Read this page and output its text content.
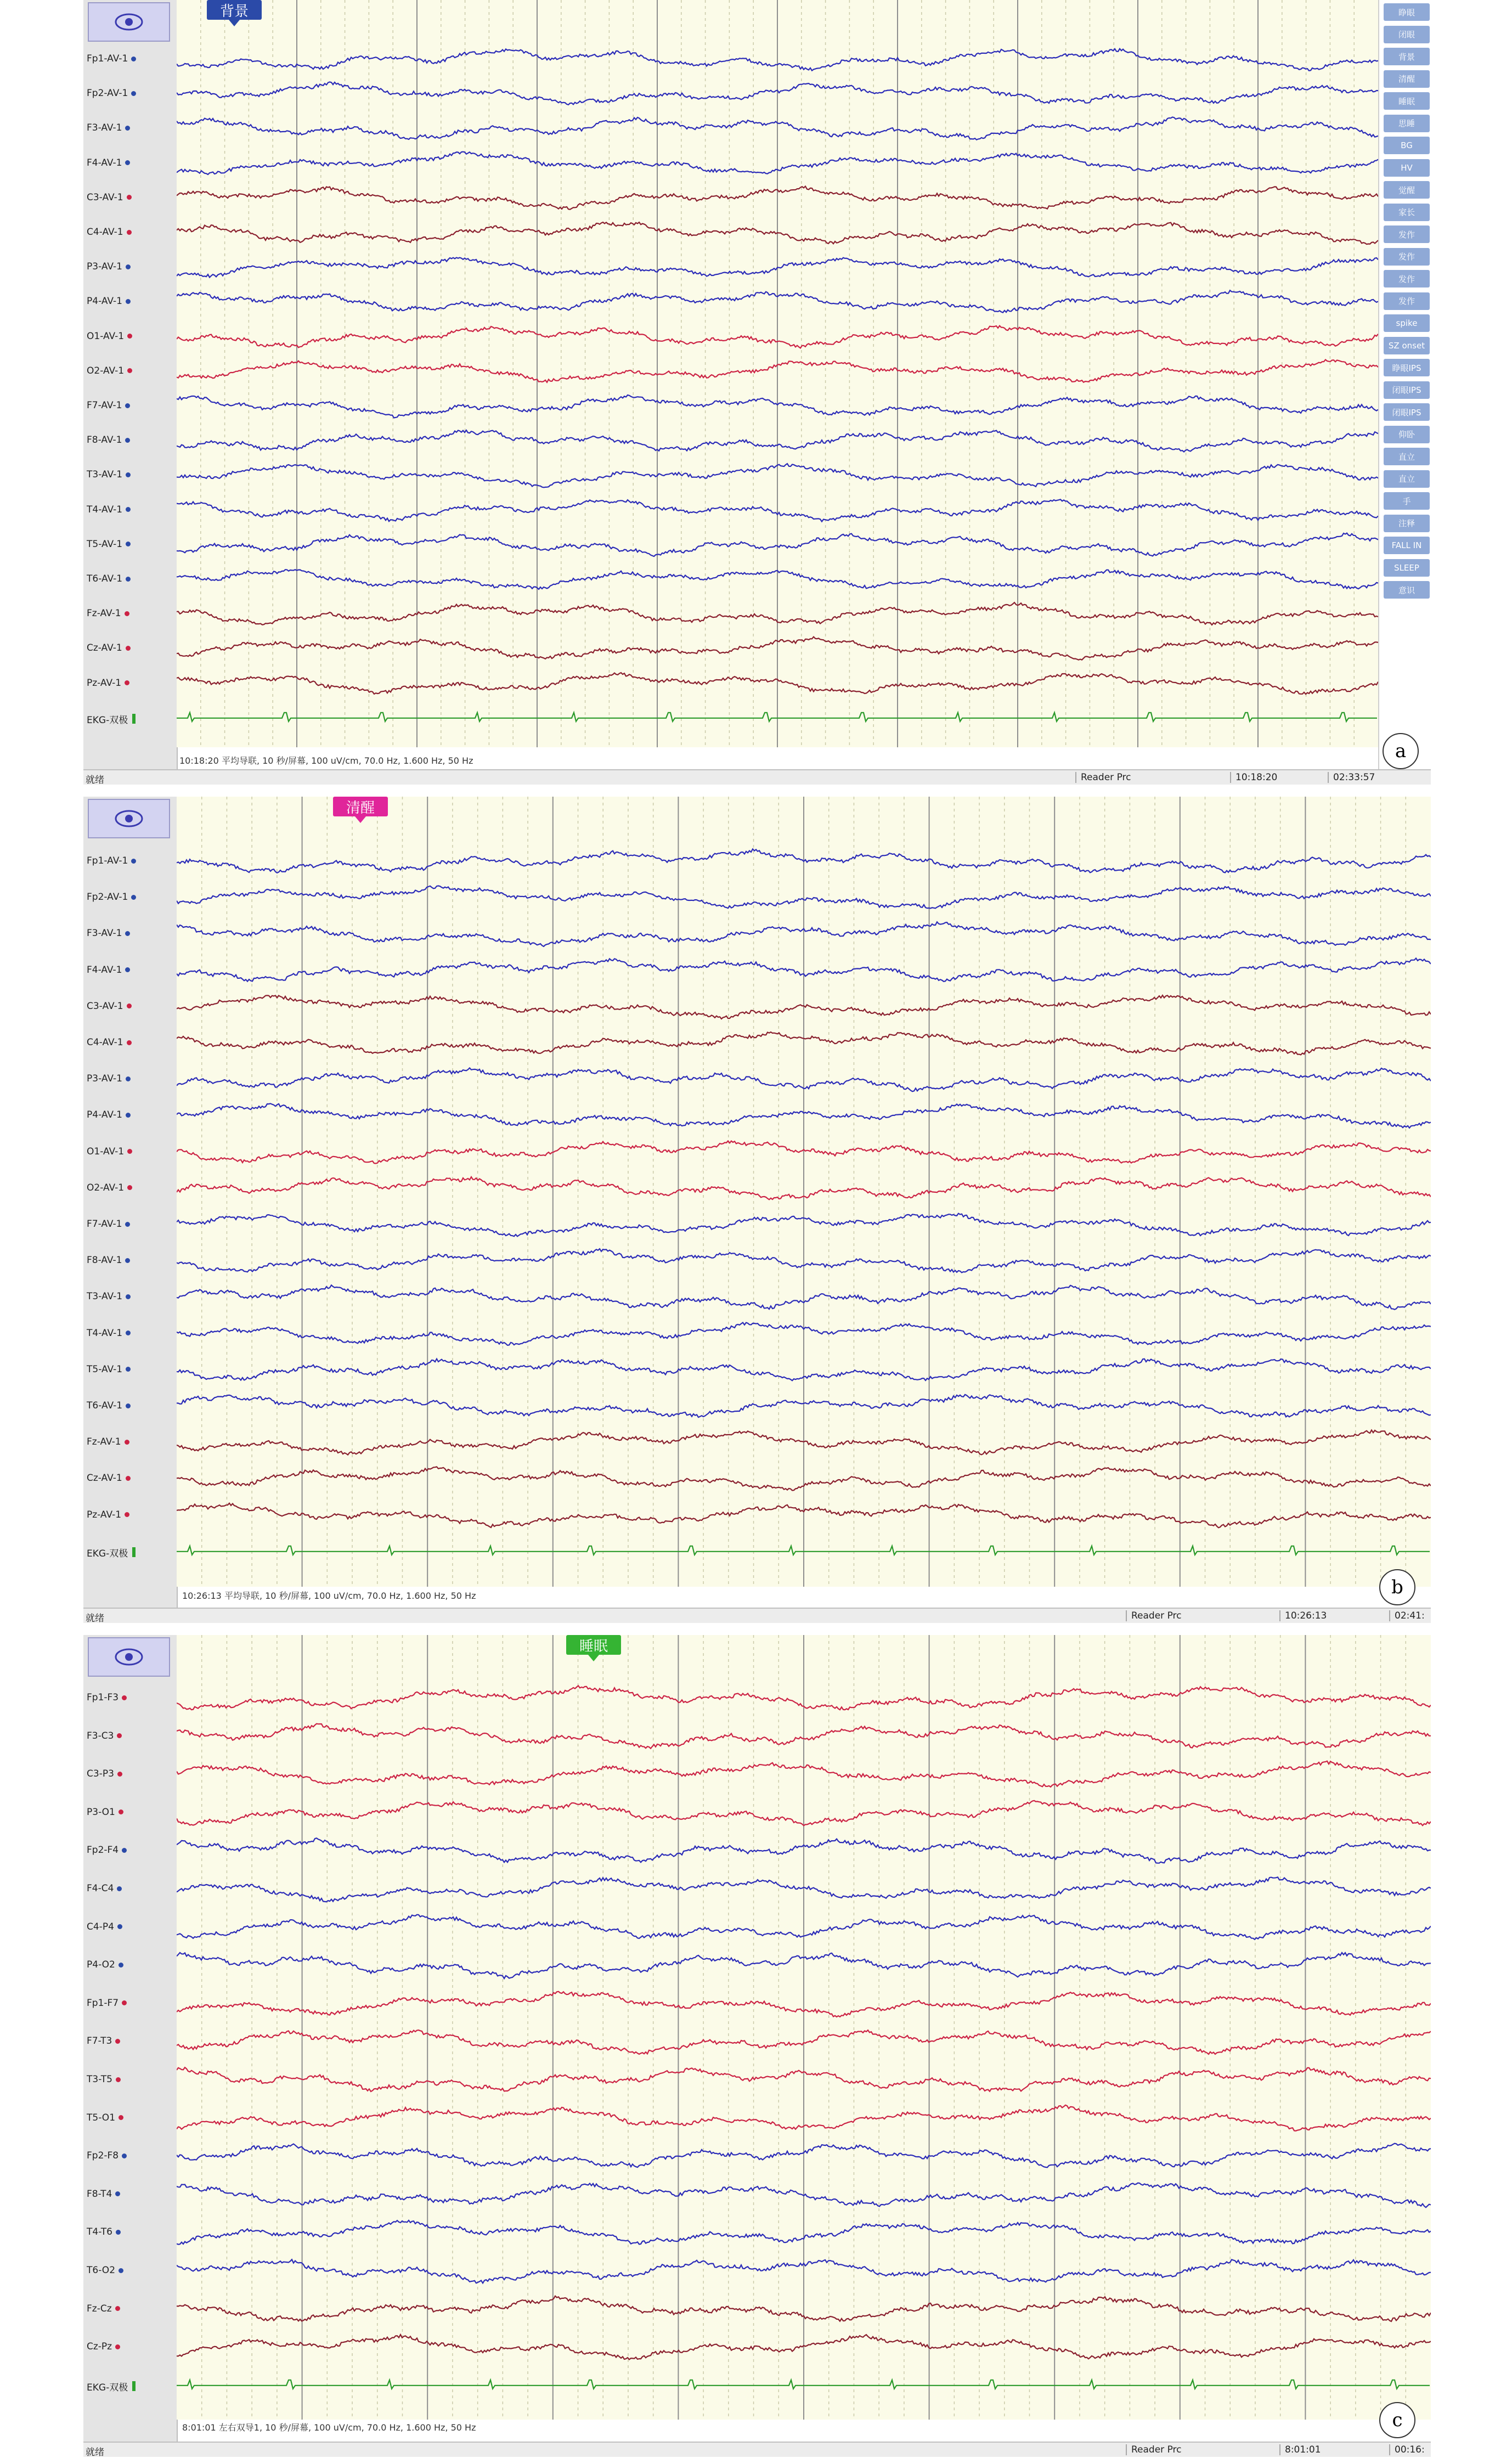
Fp1-AV-1
Fp2-AV-1
F3-AV-1
F4-AV-1
C3-AV-1
C4-AV-1
P3-AV-1
P4-AV-1
O1-AV-1
O2-AV-1
F7-AV-1
F8-AV-1
T3-AV-1
T4-AV-1
T5-AV-1
T6-AV-1
Fz-AV-1
Cz-AV-1
Pz-AV-1
EKG-双极
背景	睁眼
闭眼
背景
清醒
睡眠
思睡
BG
HV
觉醒
家长
发作
发作
发作
发作
spike
SZ onset
睁眼IPS
闭眼IPS
闭眼IPS
仰卧
直立
直立
手
注释
FALL IN
SLEEP
意识
10:18:20 平均导联, 10 秒/屏幕, 100 uV/cm, 70.0 Hz, 1.600 Hz, 50 Hz	a
就绪	Reader Prc	10:18:20	02:33:57
Fp1-AV-1
Fp2-AV-1
F3-AV-1
F4-AV-1
C3-AV-1
C4-AV-1
P3-AV-1
P4-AV-1
O1-AV-1
O2-AV-1
F7-AV-1
F8-AV-1
T3-AV-1
T4-AV-1
T5-AV-1
T6-AV-1
Fz-AV-1
Cz-AV-1
Pz-AV-1
EKG-双极
清醒
10:26:13 平均导联, 10 秒/屏幕, 100 uV/cm, 70.0 Hz, 1.600 Hz, 50 Hz	b
就绪	Reader Prc	10:26:13	02:41:
Fp1-F3
F3-C3
C3-P3
P3-O1
Fp2-F4
F4-C4
C4-P4
P4-O2
Fp1-F7
F7-T3
T3-T5
T5-O1
Fp2-F8
F8-T4
T4-T6
T6-O2
Fz-Cz
Cz-Pz
EKG-双极
睡眠
8:01:01 左右双导1, 10 秒/屏幕, 100 uV/cm, 70.0 Hz, 1.600 Hz, 50 Hz	c
就绪	Reader Prc	8:01:01	00:16:
